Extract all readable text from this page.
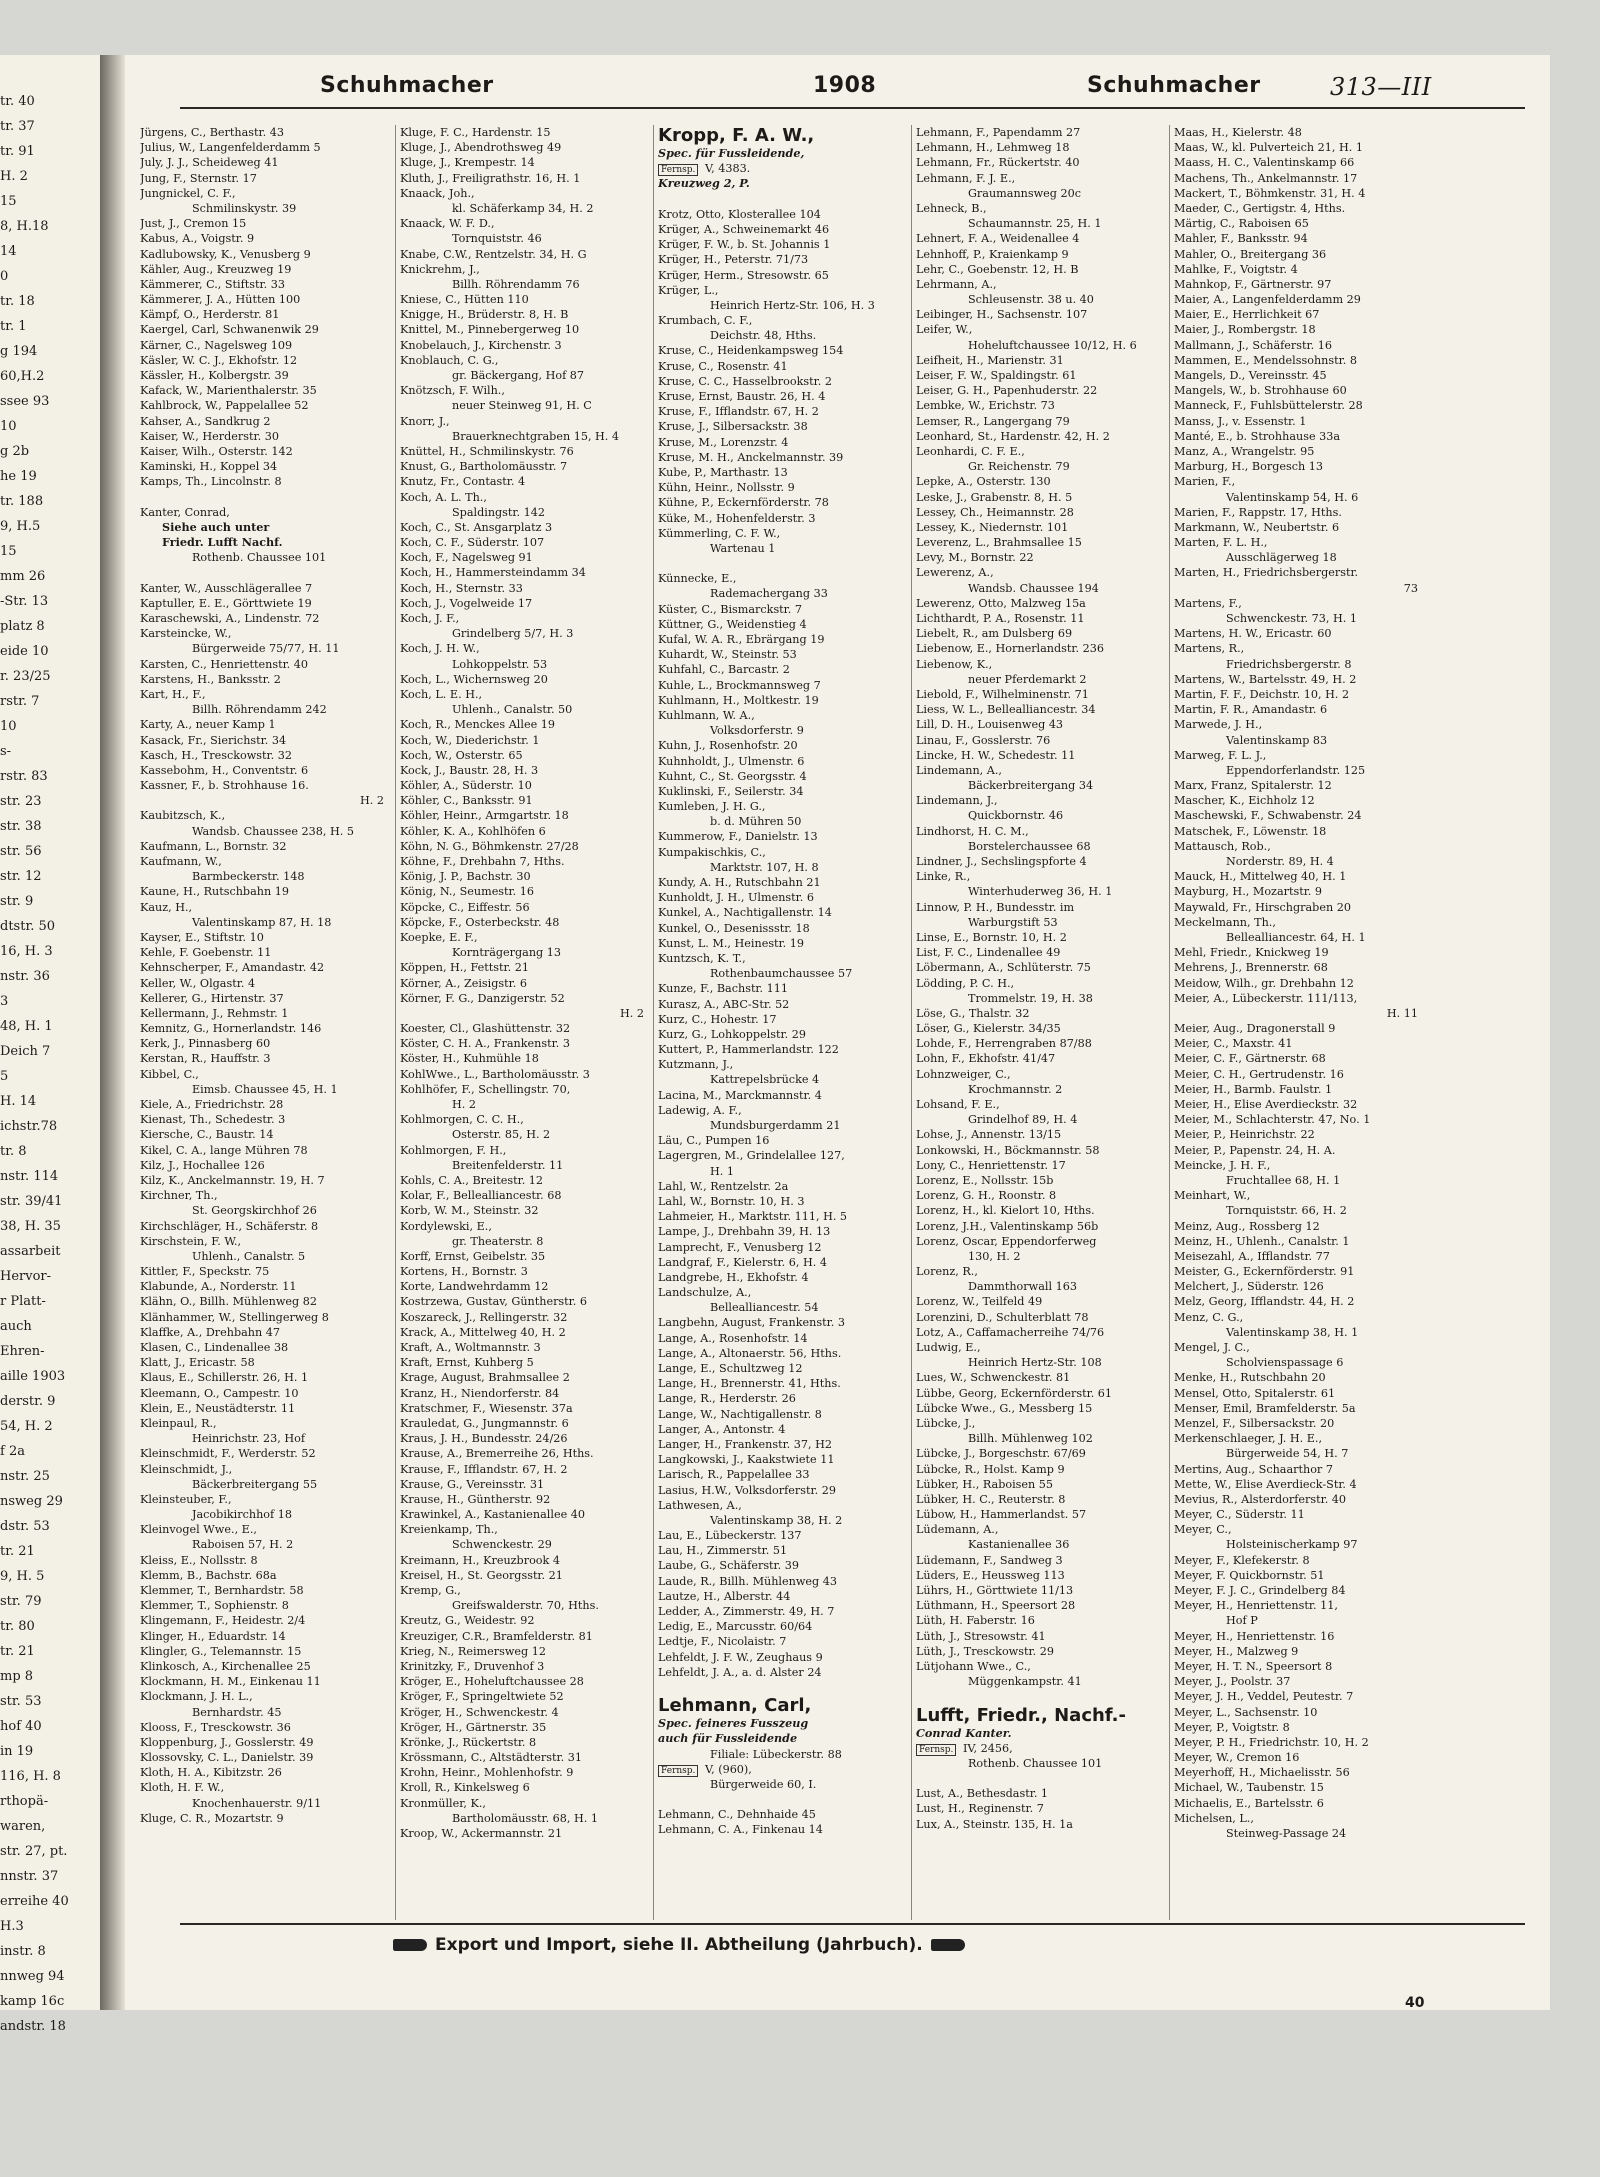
tr. 40
tr. 37
tr. 91
H. 2
15
8, H.18
14
0
tr. 18
tr. 1
g 194
60,H.2
ssee 93
10
g 2b
he 19
tr. 188
9, H.5
15
mm 26
-Str. 13
platz 8
eide 10
r. 23/25
rstr. 7
10
s-
rstr. 83
str. 23
str. 38
str. 56
str. 12
str. 9
dtstr. 50
16, H. 3
nstr. 36
3
48, H. 1
Deich 7
5
H. 14
ichstr.78
tr. 8
nstr. 114
str. 39/41
38, H. 35
assarbeit
Hervor-
r Platt-
auch
Ehren-
aille 1903
derstr. 9
54, H. 2
f 2a
nstr. 25
nsweg 29
dstr. 53
tr. 21
9, H. 5
str. 79
tr. 80
tr. 21
mp 8
str. 53
hof 40
in 19
116, H. 8
rthopä-
waren,
str. 27, pt.
nnstr. 37
erreihe 40
H.3
instr. 8
nnweg 94
kamp 16c
andstr. 18
Schuhmacher	1908	Schuhmacher	313—III
Jürgens, C., Berthastr. 43
Julius, W., Langenfelderdamm 5
July, J. J., Scheideweg 41
Jung, F., Sternstr. 17
Jungnickel, C. F.,
Schmilinskystr. 39
Just, J., Cremon 15
Kabus, A., Voigstr. 9
Kadlubowsky, K., Venusberg 9
Kähler, Aug., Kreuzweg 19
Kämmerer, C., Stiftstr. 33
Kämmerer, J. A., Hütten 100
Kämpf, O., Herderstr. 81
Kaergel, Carl, Schwanenwik 29
Kärner, C., Nagelsweg 109
Käsler, W. C. J., Ekhofstr. 12
Kässler, H., Kolbergstr. 39
Kafack, W., Marienthalerstr. 35
Kahlbrock, W., Pappelallee 52
Kahser, A., Sandkrug 2
Kaiser, W., Herderstr. 30
Kaiser, Wilh., Osterstr. 142
Kaminski, H., Koppel 34
Kamps, Th., Lincolnstr. 8
Kanter, Conrad,
Siehe auch unter
Friedr. Lufft Nachf.
Rothenb. Chaussee 101
Kanter, W., Ausschlägerallee 7
Kaptuller, E. E., Görttwiete 19
Karaschewski, A., Lindenstr. 72
Karsteincke, W.,
Bürgerweide 75/77, H. 11
Karsten, C., Henriettenstr. 40
Karstens, H., Banksstr. 2
Kart, H., F.,
Billh. Röhrendamm 242
Karty, A., neuer Kamp 1
Kasack, Fr., Sierichstr. 34
Kasch, H., Tresckowstr. 32
Kassebohm, H., Conventstr. 6
Kassner, F., b. Strohhause 16.
H. 2
Kaubitzsch, K.,
Wandsb. Chaussee 238, H. 5
Kaufmann, L., Bornstr. 32
Kaufmann, W.,
Barmbeckerstr. 148
Kaune, H., Rutschbahn 19
Kauz, H.,
Valentinskamp 87, H. 18
Kayser, E., Stiftstr. 10
Kehle, F. Goebenstr. 11
Kehnscherper, F., Amandastr. 42
Keller, W., Olgastr. 4
Kellerer, G., Hirtenstr. 37
Kellermann, J., Rehmstr. 1
Kemnitz, G., Hornerlandstr. 146
Kerk, J., Pinnasberg 60
Kerstan, R., Hauffstr. 3
Kibbel, C.,
Eimsb. Chaussee 45, H. 1
Kiele, A., Friedrichstr. 28
Kienast, Th., Schedestr. 3
Kiersche, C., Baustr. 14
Kikel, C. A., lange Mühren 78
Kilz, J., Hochallee 126
Kilz, K., Anckelmannstr. 19, H. 7
Kirchner, Th.,
St. Georgskirchhof 26
Kirchschläger, H., Schäferstr. 8
Kirschstein, F. W.,
Uhlenh., Canalstr. 5
Kittler, F., Speckstr. 75
Klabunde, A., Norderstr. 11
Klähn, O., Billh. Mühlenweg 82
Klänhammer, W., Stellingerweg 8
Klaffke, A., Drehbahn 47
Klasen, C., Lindenallee 38
Klatt, J., Ericastr. 58
Klaus, E., Schillerstr. 26, H. 1
Kleemann, O., Campestr. 10
Klein, E., Neustädterstr. 11
Kleinpaul, R.,
Heinrichstr. 23, Hof
Kleinschmidt, F., Werderstr. 52
Kleinschmidt, J.,
Bäckerbreitergang 55
Kleinsteuber, F.,
Jacobikirchhof 18
Kleinvogel Wwe., E.,
Raboisen 57, H. 2
Kleiss, E., Nollsstr. 8
Klemm, B., Bachstr. 68a
Klemmer, T., Bernhardstr. 58
Klemmer, T., Sophienstr. 8
Klingemann, F., Heidestr. 2/4
Klinger, H., Eduardstr. 14
Klingler, G., Telemannstr. 15
Klinkosch, A., Kirchenallee 25
Klockmann, H. M., Einkenau 11
Klockmann, J. H. L.,
Bernhardstr. 45
Klooss, F., Tresckowstr. 36
Kloppenburg, J., Gosslerstr. 49
Klossovsky, C. L., Danielstr. 39
Kloth, H. A., Kibitzstr. 26
Kloth, H. F. W.,
Knochenhauerstr. 9/11
Kluge, C. R., Mozartstr. 9
Kluge, F. C., Hardenstr. 15
Kluge, J., Abendrothsweg 49
Kluge, J., Krempestr. 14
Kluth, J., Freiligrathstr. 16, H. 1
Knaack, Joh.,
kl. Schäferkamp 34, H. 2
Knaack, W. F. D.,
Tornquiststr. 46
Knabe, C.W., Rentzelstr. 34, H. G
Knickrehm, J.,
Billh. Röhrendamm 76
Kniese, C., Hütten 110
Knigge, H., Brüderstr. 8, H. B
Knittel, M., Pinnebergerweg 10
Knobelauch, J., Kirchenstr. 3
Knoblauch, C. G.,
gr. Bäckergang, Hof 87
Knötzsch, F. Wilh.,
neuer Steinweg 91, H. C
Knorr, J.,
Brauerknechtgraben 15, H. 4
Knüttel, H., Schmilinskystr. 76
Knust, G., Bartholomäusstr. 7
Knutz, Fr., Contastr. 4
Koch, A. L. Th.,
Spaldingstr. 142
Koch, C., St. Ansgarplatz 3
Koch, C. F., Süderstr. 107
Koch, F., Nagelsweg 91
Koch, H., Hammersteindamm 34
Koch, H., Sternstr. 33
Koch, J., Vogelweide 17
Koch, J. F.,
Grindelberg 5/7, H. 3
Koch, J. H. W.,
Lohkoppelstr. 53
Koch, L., Wichernsweg 20
Koch, L. E. H.,
Uhlenh., Canalstr. 50
Koch, R., Menckes Allee 19
Koch, W., Diederichstr. 1
Koch, W., Osterstr. 65
Kock, J., Baustr. 28, H. 3
Köhler, A., Süderstr. 10
Köhler, C., Banksstr. 91
Köhler, Heinr., Armgartstr. 18
Köhler, K. A., Kohlhöfen 6
Köhn, N. G., Böhmkenstr. 27/28
Köhne, F., Drehbahn 7, Hths.
König, J. P., Bachstr. 30
König, N., Seumestr. 16
Köpcke, C., Eiffestr. 56
Köpcke, F., Osterbeckstr. 48
Koepke, E. F.,
Kornträgergang 13
Köppen, H., Fettstr. 21
Körner, A., Zeisigstr. 6
Körner, F. G., Danzigerstr. 52
H. 2
Koester, Cl., Glashüttenstr. 32
Köster, C. H. A., Frankenstr. 3
Köster, H., Kuhmühle 18
KohlWwe., L., Bartholomäusstr. 3
Kohlhöfer, F., Schellingstr. 70,
H. 2
Kohlmorgen, C. C. H.,
Osterstr. 85, H. 2
Kohlmorgen, F. H.,
Breitenfelderstr. 11
Kohls, C. A., Breitestr. 12
Kolar, F., Bellealliancestr. 68
Korb, W. M., Steinstr. 32
Kordylewski, E.,
gr. Theaterstr. 8
Korff, Ernst, Geibelstr. 35
Kortens, H., Bornstr. 3
Korte, Landwehrdamm 12
Kostrzewa, Gustav, Güntherstr. 6
Koszareck, J., Rellingerstr. 32
Krack, A., Mittelweg 40, H. 2
Kraft, A., Woltmannstr. 3
Kraft, Ernst, Kuhberg 5
Krage, August, Brahmsallee 2
Kranz, H., Niendorferstr. 84
Kratschmer, F., Wiesenstr. 37a
Krauledat, G., Jungmannstr. 6
Kraus, J. H., Bundesstr. 24/26
Krause, A., Bremerreihe 26, Hths.
Krause, F., Ifflandstr. 67, H. 2
Krause, G., Vereinsstr. 31
Krause, H., Güntherstr. 92
Krawinkel, A., Kastanienallee 40
Kreienkamp, Th.,
Schwenckestr. 29
Kreimann, H., Kreuzbrook 4
Kreisel, H., St. Georgsstr. 21
Kremp, G.,
Greifswalderstr. 70, Hths.
Kreutz, G., Weidestr. 92
Kreuziger, C.R., Bramfelderstr. 81
Krieg, N., Reimersweg 12
Krinitzky, F., Druvenhof 3
Kröger, E., Hoheluftchaussee 28
Kröger, F., Springeltwiete 52
Kröger, H., Schwenckestr. 4
Kröger, H., Gärtnerstr. 35
Krönke, J., Rückertstr. 8
Krössmann, C., Altstädterstr. 31
Krohn, Heinr., Mohlenhofstr. 9
Kroll, R., Kinkelsweg 6
Kronmüller, K.,
Bartholomäusstr. 68, H. 1
Kroop, W., Ackermannstr. 21
Kropp, F. A. W.,
Spec. für Fussleidende,
Fernsp. V, 4383.
Kreuzweg 2, P.
Krotz, Otto, Klosterallee 104
Krüger, A., Schweinemarkt 46
Krüger, F. W., b. St. Johannis 1
Krüger, H., Peterstr. 71/73
Krüger, Herm., Stresowstr. 65
Krüger, L.,
Heinrich Hertz-Str. 106, H. 3
Krumbach, C. F.,
Deichstr. 48, Hths.
Kruse, C., Heidenkampsweg 154
Kruse, C., Rosenstr. 41
Kruse, C. C., Hasselbrookstr. 2
Kruse, Ernst, Baustr. 26, H. 4
Kruse, F., Ifflandstr. 67, H. 2
Kruse, J., Silbersackstr. 38
Kruse, M., Lorenzstr. 4
Kruse, M. H., Anckelmannstr. 39
Kube, P., Marthastr. 13
Kühn, Heinr., Nollsstr. 9
Kühne, P., Eckernförderstr. 78
Küke, M., Hohenfelderstr. 3
Kümmerling, C. F. W.,
Wartenau 1
Künnecke, E.,
Rademachergang 33
Küster, C., Bismarckstr. 7
Küttner, G., Weidenstieg 4
Kufal, W. A. R., Ebrärgang 19
Kuhardt, W., Steinstr. 53
Kuhfahl, C., Barcastr. 2
Kuhle, L., Brockmannsweg 7
Kuhlmann, H., Moltkestr. 19
Kuhlmann, W. A.,
Volksdorferstr. 9
Kuhn, J., Rosenhofstr. 20
Kuhnholdt, J., Ulmenstr. 6
Kuhnt, C., St. Georgsstr. 4
Kuklinski, F., Seilerstr. 34
Kumleben, J. H. G.,
b. d. Mühren 50
Kummerow, F., Danielstr. 13
Kumpakischkis, C.,
Marktstr. 107, H. 8
Kundy, A. H., Rutschbahn 21
Kunholdt, J. H., Ulmenstr. 6
Kunkel, A., Nachtigallenstr. 14
Kunkel, O., Desenissstr. 18
Kunst, L. M., Heinestr. 19
Kuntzsch, K. T.,
Rothenbaumchaussee 57
Kunze, F., Bachstr. 111
Kurasz, A., ABC-Str. 52
Kurz, C., Hohestr. 17
Kurz, G., Lohkoppelstr. 29
Kuttert, P., Hammerlandstr. 122
Kutzmann, J.,
Kattrepelsbrücke 4
Lacina, M., Marckmannstr. 4
Ladewig, A. F.,
Mundsburgerdamm 21
Läu, C., Pumpen 16
Lagergren, M., Grindelallee 127,
H. 1
Lahl, W., Rentzelstr. 2a
Lahl, W., Bornstr. 10, H. 3
Lahmeier, H., Marktstr. 111, H. 5
Lampe, J., Drehbahn 39, H. 13
Lamprecht, F., Venusberg 12
Landgraf, F., Kielerstr. 6, H. 4
Landgrebe, H., Ekhofstr. 4
Landschulze, A.,
Bellealliancestr. 54
Langbehn, August, Frankenstr. 3
Lange, A., Rosenhofstr. 14
Lange, A., Altonaerstr. 56, Hths.
Lange, E., Schultzweg 12
Lange, H., Brennerstr. 41, Hths.
Lange, R., Herderstr. 26
Lange, W., Nachtigallenstr. 8
Langer, A., Antonstr. 4
Langer, H., Frankenstr. 37, H2
Langkowski, J., Kaakstwiete 11
Larisch, R., Pappelallee 33
Lasius, H.W., Volksdorferstr. 29
Lathwesen, A.,
Valentinskamp 38, H. 2
Lau, E., Lübeckerstr. 137
Lau, H., Zimmerstr. 51
Laube, G., Schäferstr. 39
Laude, R., Billh. Mühlenweg 43
Lautze, H., Alberstr. 44
Ledder, A., Zimmerstr. 49, H. 7
Ledig, E., Marcusstr. 60/64
Ledtje, F., Nicolaistr. 7
Lehfeldt, J. F. W., Zeughaus 9
Lehfeldt, J. A., a. d. Alster 24
Lehmann, Carl,
Spec. feineres Fusszeug
auch für Fussleidende
Filiale: Lübeckerstr. 88
Fernsp. V, (960),
Bürgerweide 60, I.
Lehmann, C., Dehnhaide 45
Lehmann, C. A., Finkenau 14
Lehmann, F., Papendamm 27
Lehmann, H., Lehmweg 18
Lehmann, Fr., Rückertstr. 40
Lehmann, F. J. E.,
Graumannsweg 20c
Lehneck, B.,
Schaumannstr. 25, H. 1
Lehnert, F. A., Weidenallee 4
Lehnhoff, P., Kraienkamp 9
Lehr, C., Goebenstr. 12, H. B
Lehrmann, A.,
Schleusenstr. 38 u. 40
Leibinger, H., Sachsenstr. 107
Leifer, W.,
Hoheluftchaussee 10/12, H. 6
Leifheit, H., Marienstr. 31
Leiser, F. W., Spaldingstr. 61
Leiser, G. H., Papenhuderstr. 22
Lembke, W., Erichstr. 73
Lemser, R., Langergang 79
Leonhard, St., Hardenstr. 42, H. 2
Leonhardi, C. F. E.,
Gr. Reichenstr. 79
Lepke, A., Osterstr. 130
Leske, J., Grabenstr. 8, H. 5
Lessey, Ch., Heimannstr. 28
Lessey, K., Niedernstr. 101
Leverenz, L., Brahmsallee 15
Levy, M., Bornstr. 22
Lewerenz, A.,
Wandsb. Chaussee 194
Lewerenz, Otto, Malzweg 15a
Lichthardt, P. A., Rosenstr. 11
Liebelt, R., am Dulsberg 69
Liebenow, E., Hornerlandstr. 236
Liebenow, K.,
neuer Pferdemarkt 2
Liebold, F., Wilhelminenstr. 71
Liess, W. L., Bellealliancestr. 34
Lill, D. H., Louisenweg 43
Linau, F., Gosslerstr. 76
Lincke, H. W., Schedestr. 11
Lindemann, A.,
Bäckerbreitergang 34
Lindemann, J.,
Quickbornstr. 46
Lindhorst, H. C. M.,
Borstelerchaussee 68
Lindner, J., Sechslingspforte 4
Linke, R.,
Winterhuderweg 36, H. 1
Linnow, P. H., Bundesstr. im
Warburgstift 53
Linse, E., Bornstr. 10, H. 2
List, F. C., Lindenallee 49
Löbermann, A., Schlüterstr. 75
Lödding, P. C. H.,
Trommelstr. 19, H. 38
Löse, G., Thalstr. 32
Löser, G., Kielerstr. 34/35
Lohde, F., Herrengraben 87/88
Lohn, F., Ekhofstr. 41/47
Lohnzweiger, C.,
Krochmannstr. 2
Lohsand, F. E.,
Grindelhof 89, H. 4
Lohse, J., Annenstr. 13/15
Lonkowski, H., Böckmannstr. 58
Lony, C., Henriettenstr. 17
Lorenz, E., Nollsstr. 15b
Lorenz, G. H., Roonstr. 8
Lorenz, H., kl. Kielort 10, Hths.
Lorenz, J.H., Valentinskamp 56b
Lorenz, Oscar, Eppendorferweg
130, H. 2
Lorenz, R.,
Dammthorwall 163
Lorenz, W., Teilfeld 49
Lorenzini, D., Schulterblatt 78
Lotz, A., Caffamacherreihe 74/76
Ludwig, E.,
Heinrich Hertz-Str. 108
Lues, W., Schwenckestr. 81
Lübbe, Georg, Eckernförderstr. 61
Lübcke Wwe., G., Messberg 15
Lübcke, J.,
Billh. Mühlenweg 102
Lübcke, J., Borgeschstr. 67/69
Lübcke, R., Holst. Kamp 9
Lübker, H., Raboisen 55
Lübker, H. C., Reuterstr. 8
Lübow, H., Hammerlandst. 57
Lüdemann, A.,
Kastanienallee 36
Lüdemann, F., Sandweg 3
Lüders, E., Heussweg 113
Lührs, H., Görttwiete 11/13
Lüthmann, H., Speersort 28
Lüth, H. Faberstr. 16
Lüth, J., Stresowstr. 41
Lüth, J., Tresckowstr. 29
Lütjohann Wwe., C.,
Müggenkampstr. 41
Lufft, Friedr., Nachf.-
Conrad Kanter.
Fernsp. IV, 2456,
Rothenb. Chaussee 101
Lust, A., Bethesdastr. 1
Lust, H., Reginenstr. 7
Lux, A., Steinstr. 135, H. 1a
Maas, H., Kielerstr. 48
Maas, W., kl. Pulverteich 21, H. 1
Maass, H. C., Valentinskamp 66
Machens, Th., Ankelmannstr. 17
Mackert, T., Böhmkenstr. 31, H. 4
Maeder, C., Gertigstr. 4, Hths.
Märtig, C., Raboisen 65
Mahler, F., Banksstr. 94
Mahler, O., Breitergang 36
Mahlke, F., Voigtstr. 4
Mahnkop, F., Gärtnerstr. 97
Maier, A., Langenfelderdamm 29
Maier, E., Herrlichkeit 67
Maier, J., Rombergstr. 18
Mallmann, J., Schäferstr. 16
Mammen, E., Mendelssohnstr. 8
Mangels, D., Vereinsstr. 45
Mangels, W., b. Strohhause 60
Manneck, F., Fuhlsbüttelerstr. 28
Manss, J., v. Essenstr. 1
Manté, E., b. Strohhause 33a
Manz, A., Wrangelstr. 95
Marburg, H., Borgesch 13
Marien, F.,
Valentinskamp 54, H. 6
Marien, F., Rappstr. 17, Hths.
Markmann, W., Neubertstr. 6
Marten, F. L. H.,
Ausschlägerweg 18
Marten, H., Friedrichsbergerstr.
73
Martens, F.,
Schwenckestr. 73, H. 1
Martens, H. W., Ericastr. 60
Martens, R.,
Friedrichsbergerstr. 8
Martens, W., Bartelsstr. 49, H. 2
Martin, F. F., Deichstr. 10, H. 2
Martin, F. R., Amandastr. 6
Marwede, J. H.,
Valentinskamp 83
Marweg, F. L. J.,
Eppendorferlandstr. 125
Marx, Franz, Spitalerstr. 12
Mascher, K., Eichholz 12
Maschewski, F., Schwabenstr. 24
Matschek, F., Löwenstr. 18
Mattausch, Rob.,
Norderstr. 89, H. 4
Mauck, H., Mittelweg 40, H. 1
Mayburg, H., Mozartstr. 9
Maywald, Fr., Hirschgraben 20
Meckelmann, Th.,
Bellealliancestr. 64, H. 1
Mehl, Friedr., Knickweg 19
Mehrens, J., Brennerstr. 68
Meidow, Wilh., gr. Drehbahn 12
Meier, A., Lübeckerstr. 111/113,
H. 11
Meier, Aug., Dragonerstall 9
Meier, C., Maxstr. 41
Meier, C. F., Gärtnerstr. 68
Meier, C. H., Gertrudenstr. 16
Meier, H., Barmb. Faulstr. 1
Meier, H., Elise Averdieckstr. 32
Meier, M., Schlachterstr. 47, No. 1
Meier, P., Heinrichstr. 22
Meier, P., Papenstr. 24, H. A.
Meincke, J. H. F.,
Fruchtallee 68, H. 1
Meinhart, W.,
Tornquiststr. 66, H. 2
Meinz, Aug., Rossberg 12
Meinz, H., Uhlenh., Canalstr. 1
Meisezahl, A., Ifflandstr. 77
Meister, G., Eckernförderstr. 91
Melchert, J., Süderstr. 126
Melz, Georg, Ifflandstr. 44, H. 2
Menz, C. G.,
Valentinskamp 38, H. 1
Mengel, J. C.,
Scholvienspassage 6
Menke, H., Rutschbahn 20
Mensel, Otto, Spitalerstr. 61
Menser, Emil, Bramfelderstr. 5a
Menzel, F., Silbersackstr. 20
Merkenschlaeger, J. H. E.,
Bürgerweide 54, H. 7
Mertins, Aug., Schaarthor 7
Mette, W., Elise Averdieck-Str. 4
Mevius, R., Alsterdorferstr. 40
Meyer, C., Süderstr. 11
Meyer, C.,
Holsteinischerkamp 97
Meyer, F., Klefekerstr. 8
Meyer, F. Quickbornstr. 51
Meyer, F. J. C., Grindelberg 84
Meyer, H., Henriettenstr. 11,
Hof P
Meyer, H., Henriettenstr. 16
Meyer, H., Malzweg 9
Meyer, H. T. N., Speersort 8
Meyer, J., Poolstr. 37
Meyer, J. H., Veddel, Peutestr. 7
Meyer, L., Sachsenstr. 10
Meyer, P., Voigtstr. 8
Meyer, P. H., Friedrichstr. 10, H. 2
Meyer, W., Cremon 16
Meyerhoff, H., Michaelisstr. 56
Michael, W., Taubenstr. 15
Michaelis, E., Bartelsstr. 6
Michelsen, L.,
Steinweg-Passage 24
Export und Import, siehe II. Abtheilung (Jahrbuch).
40
